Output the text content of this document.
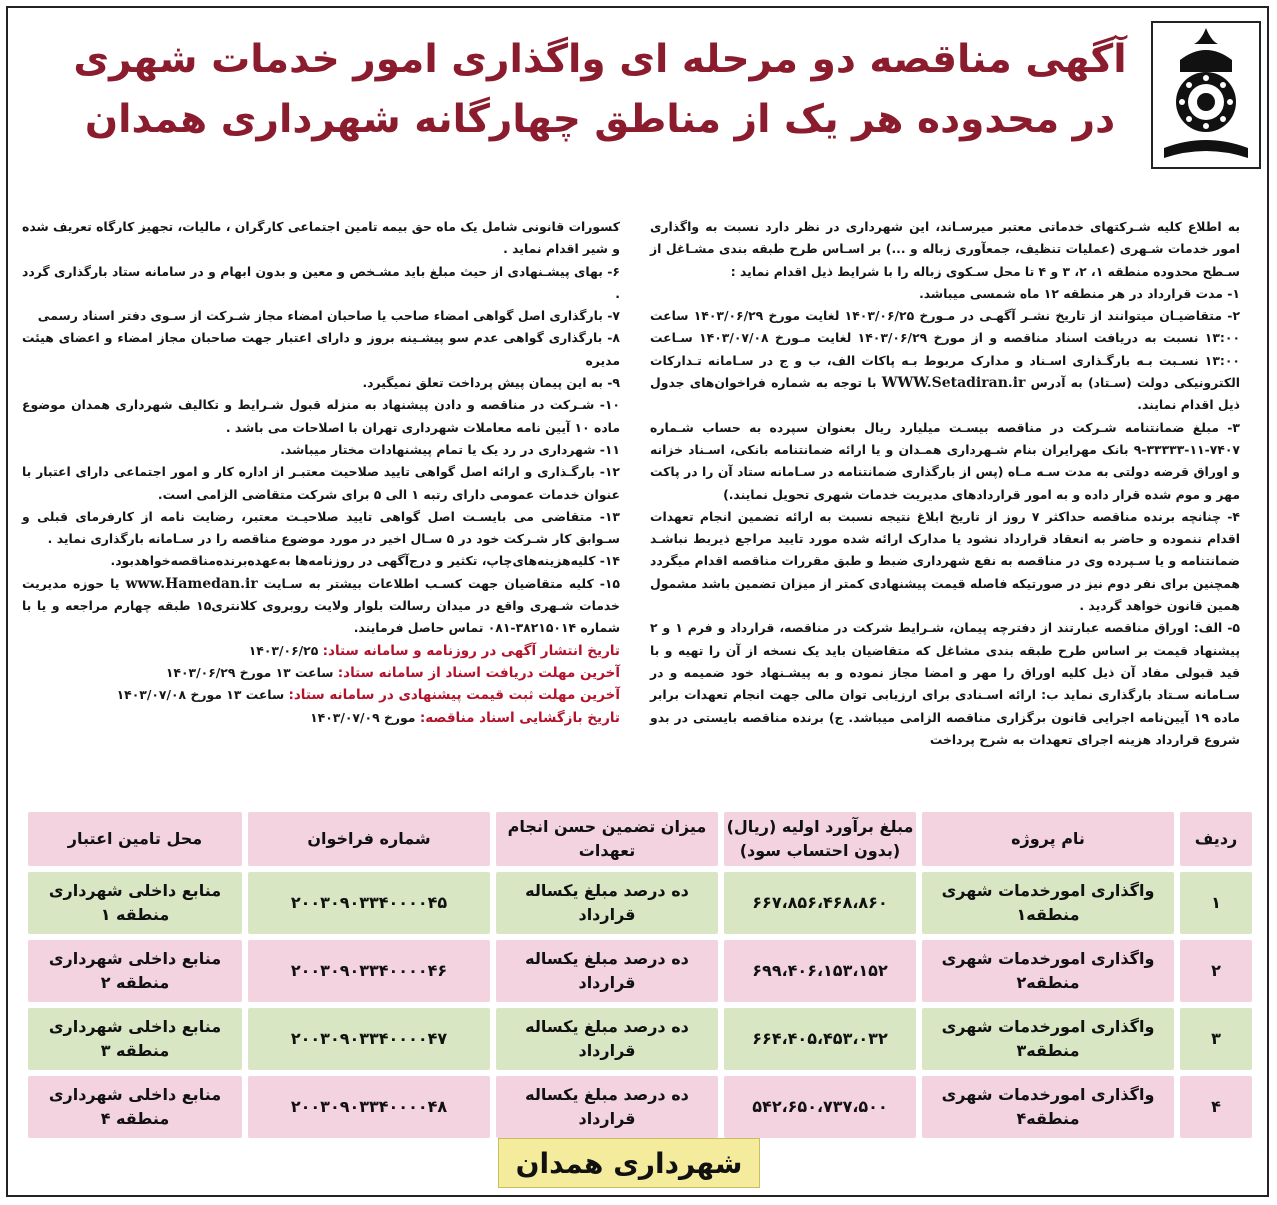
آگهی مناقصه دو مرحله ای واگذاری امور خدمات شهری
در محدوده هر یک از مناطق چهارگانه شهرداری همدان

به اطلاع کلیه شـرکتهای خدماتی معتبر میرسـاند، این شهرداری در نظر دارد نسبت به واگذاری امور خدمات شـهری (عملیات تنظیف، جمعآوری زباله و ...) بر اسـاس طرح طبقه بندی مشـاغل از سـطح محدوده منطقه ۱، ۲، ۳ و ۴ تا محل سـکوی زباله را با شرایط ذیل اقدام نماید :

۱- مدت قرارداد در هر منطقه ۱۲ ماه شمسی میباشد.

۲- متقاضیـان میتوانند از تاریخ نشـر آگهـی در مـورخ ۱۴۰۳/۰۶/۲۵ لغایت مورخ ۱۴۰۳/۰۶/۲۹ ساعت ۱۳:۰۰ نسبت به دریافت اسناد مناقصه و از مورخ ۱۴۰۳/۰۶/۲۹ لغایت مـورخ ۱۴۰۳/۰۷/۰۸ سـاعت ۱۳:۰۰ نسـبت بـه بارگـذاری اسـناد و مدارک مربوط بـه پاکات الف، ب و ج در سـامانه تـدارکات الکترونیکی دولت (سـتاد) به آدرس WWW.Setadiran.ir با توجه به شماره فراخوان‌های جدول ذیل اقدام نمایند.

۳- مبلغ ضمانتنامه شـرکت در مناقصه بیسـت میلیارد ریال بعنوان سپرده به حساب شـماره ۷۴۰۷-۱۱-۳۳۳۳۳-۹ بانک مهرایران بنام شـهرداری همـدان و یا ارائه ضمانتنامه بانکی، اسـناد خزانه و اوراق قرضه دولتی به مدت سـه مـاه (پس از بارگذاری ضمانتنامه در سـامانه ستاد آن را در پاکت مهر و موم شده قرار داده و به امور قراردادهای مدیریت خدمات شهری تحویل نمایند.)

۴- چنانچه برنده مناقصه حداکثر ۷ روز از تاریخ ابلاغ نتیجه نسبت به ارائه تضمین انجام تعهدات اقدام ننموده و حاضر به انعقاد قرارداد نشود یا مدارک ارائه شده مورد تایید مراجع ذیربط نباشـد ضمانتنامه و یا سـپرده وی در مناقصه به نفع شهرداری ضبط و طبق مقررات مناقصه اقدام میگردد همچنین برای نفر دوم نیز در صورتیکه فاصله قیمت پیشنهادی کمتر از میزان تضمین باشد مشمول همین قانون خواهد گردید .

۵- الف: اوراق مناقصه عبارتند از دفترچه پیمان، شـرایط شرکت در مناقصه، قرارداد و فرم ۱ و ۲ پیشنهاد قیمت بر اساس طرح طبقه بندی مشاغل که متقاضیان باید یک نسخه از آن را تهیه و با قید قبولی مفاد آن ذیل کلیه اوراق را مهر و امضا مجاز نموده و به پیشـنهاد خود ضمیمه و در سـامانه سـتاد بارگذاری نماید ب: ارائه اسـنادی برای ارزیابی توان مالی جهت انجام تعهدات برابر ماده ۱۹ آیین‌نامه اجرایی قانون برگزاری مناقصه الزامی میباشد. ج) برنده مناقصه بایستی در بدو شروع قرارداد هزینه اجرای تعهدات به شرح پرداخت

کسورات قانونی شامل یک ماه حق بیمه تامین اجتماعی کارگران ، مالیات، تجهیز کارگاه تعریف شده و شیر اقدام نماید .

۶- بهای پیشـنهادی از حیث مبلغ باید مشـخص و معین و بدون ابهام و در سامانه ستاد بارگذاری گردد .

۷- بارگذاری اصل گواهی امضاء صاحب یا صاحبان امضاء مجاز شـرکت از سـوی دفتر اسناد رسمی

۸- بارگذاری گواهی عدم سو پیشـینه بروز و دارای اعتبار جهت صاحبان مجاز امضاء و اعضای هیئت مدیره

۹- به این پیمان پیش پرداخت تعلق نمیگیرد.

۱۰- شـرکت در مناقصه و دادن پیشنهاد به منزله قبول شـرایط و تکالیف شهرداری همدان موضوع ماده ۱۰ آیین نامه معاملات شهرداری تهران با اصلاحات می باشد .

۱۱- شهرداری در رد یک یا تمام پیشنهادات مختار میباشد.

۱۲- بارگـذاری و ارائه اصل گواهی تایید صلاحیت معتبـر از اداره کار و امور اجتماعی دارای اعتبار با عنوان خدمات عمومی دارای رتبه ۱ الی ۵ برای شرکت متقاضی الزامی است.

۱۳- متقاضی می بایسـت اصل گواهی تایید صلاحیـت معتبر، رضایت نامه از کارفرمای قبلی و سـوابق کار شـرکت خود در ۵ سـال اخیر در مورد موضوع مناقصه را در سـامانه بارگذاری نماید .

۱۴- کلیه‌هزینه‌های‌چاپ، تکثیر و درج‌آگهی در روزنامه‌ها به‌عهده‌برنده‌مناقصه‌خواهد‌بود.

۱۵- کلیه متقاضیان جهت کسـب اطلاعات بیشتر به سـایت www.Hamedan.ir یا حوزه مدیریت خدمات شـهری واقع در میدان رسالت بلوار ولایت روبروی کلانتری۱۵ طبقه چهارم مراجعه و یا با شماره ۳۸۲۱۵۰۱۴-۰۸۱ تماس حاصل فرمایند.

تاریخ انتشار آگهی در روزنامه و سامانه ستاد: ۱۴۰۳/۰۶/۲۵

آخرین مهلت دریافت اسناد از سامانه ستاد: ساعت ۱۳ مورخ ۱۴۰۳/۰۶/۲۹

آخرین مهلت ثبت قیمت پیشنهادی در سامانه ستاد: ساعت ۱۳ مورخ ۱۴۰۳/۰۷/۰۸

تاریخ بازگشایی اسناد مناقصه: مورخ ۱۴۰۳/۰۷/۰۹

ردیف	نام پروژه	مبلغ برآورد اولیه (ریال) (بدون احتساب سود)	میزان تضمین حسن انجام تعهدات	شماره فراخوان	محل تامین اعتبار
۱	واگذاری امورخدمات شهری منطقه۱	۶۶۷،۸۵۶،۴۶۸،۸۶۰	ده درصد مبلغ یکساله قرارداد	۲۰۰۳۰۹۰۳۳۴۰۰۰۰۴۵	منابع داخلی شهرداری منطقه ۱
۲	واگذاری امورخدمات شهری منطقه۲	۶۹۹،۴۰۶،۱۵۳،۱۵۲	ده درصد مبلغ یکساله قرارداد	۲۰۰۳۰۹۰۳۳۴۰۰۰۰۴۶	منابع داخلی شهرداری منطقه ۲
۳	واگذاری امورخدمات شهری منطقه۳	۶۶۴،۴۰۵،۴۵۳،۰۳۲	ده درصد مبلغ یکساله قرارداد	۲۰۰۳۰۹۰۳۳۴۰۰۰۰۴۷	منابع داخلی شهرداری منطقه ۳
۴	واگذاری امورخدمات شهری منطقه۴	۵۴۲،۶۵۰،۷۳۷،۵۰۰	ده درصد مبلغ یکساله قرارداد	۲۰۰۳۰۹۰۳۳۴۰۰۰۰۴۸	منابع داخلی شهرداری منطقه ۴
شهرداری همدان
